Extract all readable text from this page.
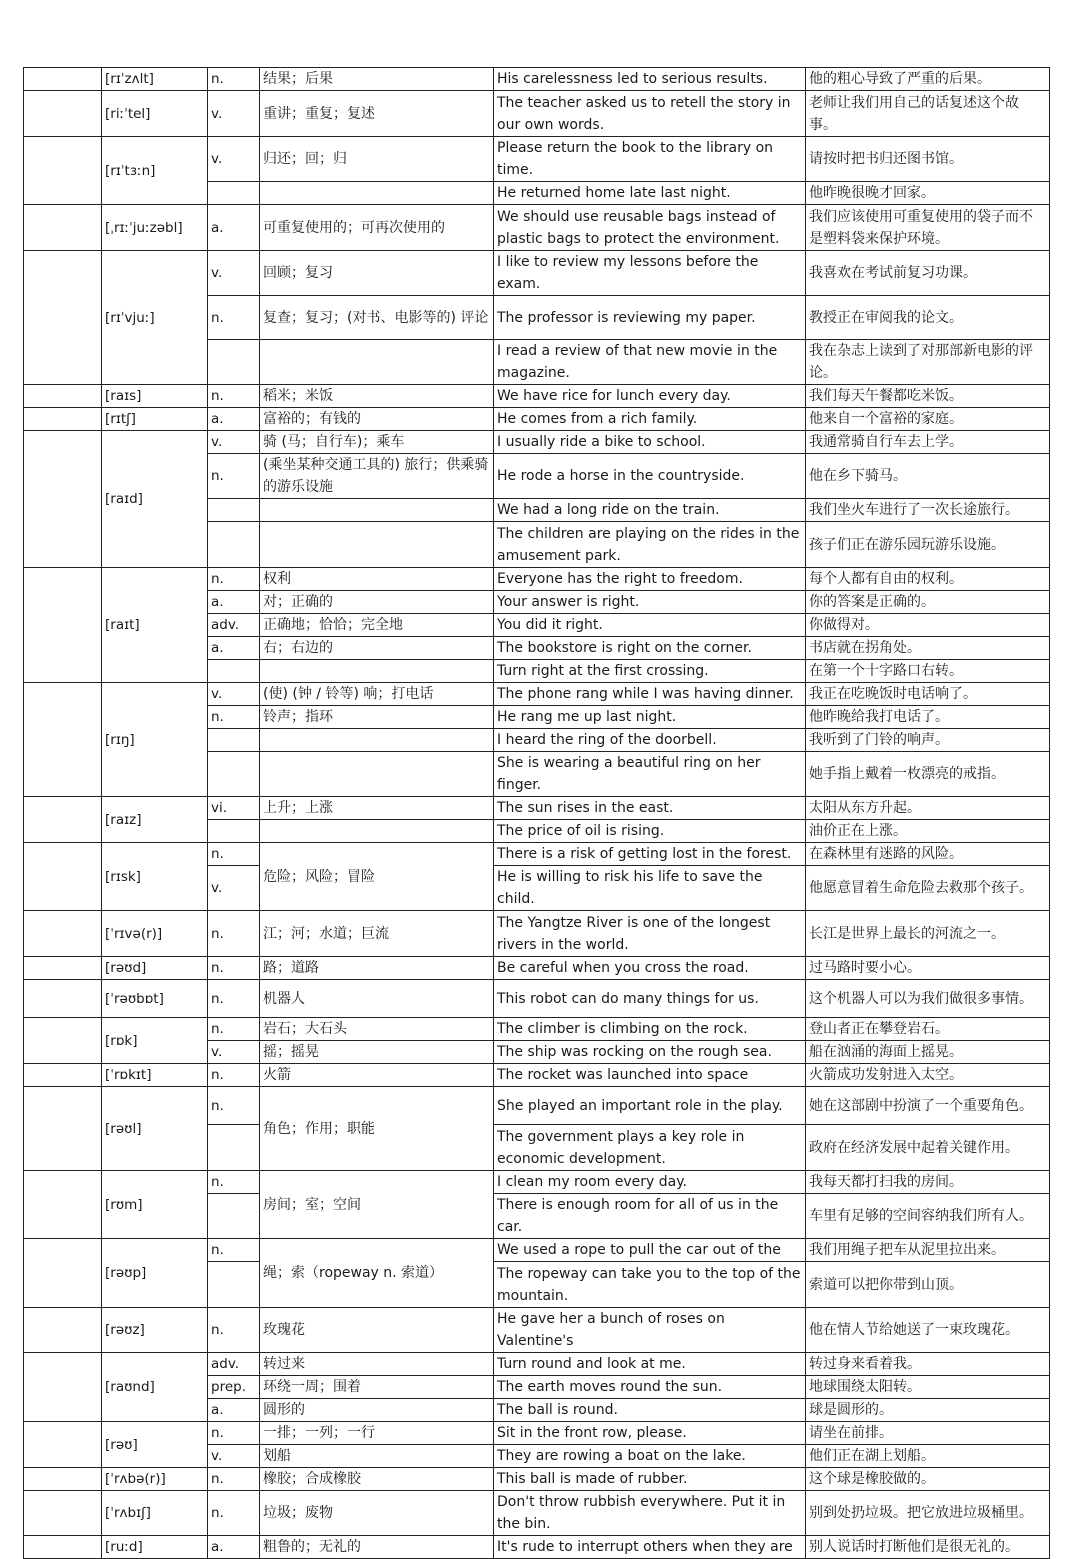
	[rɪˈzʌlt]	n.	结果；后果	His carelessness led to serious results.	他的粗心导致了严重的后果。
	[riːˈtel]	v.	重讲；重复；复述	The teacher asked us to retell the story in our own words.	老师让我们用自己的话复述这个故事。
	[rɪˈtɜːn]	v.	归还；回；归	Please return the book to the library on time.	请按时把书归还图书馆。
				He returned home late last night.	他昨晚很晚才回家。
	[ˌrɪːˈjuːzəbl]	a.	可重复使用的；可再次使用的	We should use reusable bags instead of plastic bags to protect the environment.	我们应该使用可重复使用的袋子而不是塑料袋来保护环境。
	[rɪˈvjuː]	v.	回顾；复习	I like to review my lessons before the exam.	我喜欢在考试前复习功课。
		n.	复查；复习；(对书、电影等的) 评论	The professor is reviewing my paper.	教授正在审阅我的论文。
				I read a review of that new movie in the magazine.	我在杂志上读到了对那部新电影的评论。
	[raɪs]	n.	稻米；米饭	We have rice for lunch every day.	我们每天午餐都吃米饭。
	[rɪtʃ]	a.	富裕的；有钱的	He comes from a rich family.	他来自一个富裕的家庭。
	[raɪd]	v.	骑 (马；自行车)；乘车	I usually ride a bike to school.	我通常骑自行车去上学。
		n.	(乘坐某种交通工具的) 旅行；供乘骑的游乐设施	He rode a horse in the countryside.	他在乡下骑马。
				We had a long ride on the train.	我们坐火车进行了一次长途旅行。
				The children are playing on the rides in the amusement park.	孩子们正在游乐园玩游乐设施。
	[raɪt]	n.	权利	Everyone has the right to freedom.	每个人都有自由的权利。
		a.	对；正确的	Your answer is right.	你的答案是正确的。
		adv.	正确地；恰恰；完全地	You did it right.	你做得对。
		a.	右；右边的	The bookstore is right on the corner.	书店就在拐角处。
				Turn right at the first crossing.	在第一个十字路口右转。
	[rɪŋ]	v.	(使) (钟 / 铃等) 响；打电话	The phone rang while I was having dinner.	我正在吃晚饭时电话响了。
		n.	铃声；指环	He rang me up last night.	他昨晚给我打电话了。
				I heard the ring of the doorbell.	我听到了门铃的响声。
				She is wearing a beautiful ring on her finger.	她手指上戴着一枚漂亮的戒指。
	[raɪz]	vi.	上升；上涨	The sun rises in the east.	太阳从东方升起。
				The price of oil is rising.	油价正在上涨。
	[rɪsk]	n.	危险；风险；冒险	There is a risk of getting lost in the forest.	在森林里有迷路的风险。
		v.		He is willing to risk his life to save the child.	他愿意冒着生命危险去救那个孩子。
	[ˈrɪvə(r)]	n.	江；河；水道；巨流	The Yangtze River is one of the longest rivers in the world.	长江是世界上最长的河流之一。
	[rəʊd]	n.	路；道路	Be careful when you cross the road.	过马路时要小心。
	[ˈrəʊbɒt]	n.	机器人	This robot can do many things for us.	这个机器人可以为我们做很多事情。
	[rɒk]	n.	岩石；大石头	The climber is climbing on the rock.	登山者正在攀登岩石。
		v.	摇；摇晃	The ship was rocking on the rough sea.	船在汹涌的海面上摇晃。
	[ˈrɒkɪt]	n.	火箭	The rocket was launched into space	火箭成功发射进入太空。
	[rəʊl]	n.	角色；作用；职能	She played an important role in the play.	她在这部剧中扮演了一个重要角色。
				The government plays a key role in economic development.	政府在经济发展中起着关键作用。
	[rʊm]	n.	房间；室；空间	I clean my room every day.	我每天都打扫我的房间。
				There is enough room for all of us in the car.	车里有足够的空间容纳我们所有人。
	[rəʊp]	n.	绳；索（ropeway n. 索道）	We used a rope to pull the car out of the	我们用绳子把车从泥里拉出来。
				The ropeway can take you to the top of the mountain.	索道可以把你带到山顶。
	[rəʊz]	n.	玫瑰花	He gave her a bunch of roses on Valentine's	他在情人节给她送了一束玫瑰花。
	[raʊnd]	adv.	转过来	Turn round and look at me.	转过身来看着我。
		prep.	环绕一周；围着	The earth moves round the sun.	地球围绕太阳转。
		a.	圆形的	The ball is round.	球是圆形的。
	[rəʊ]	n.	一排；一列；一行	Sit in the front row, please.	请坐在前排。
		v.	划船	They are rowing a boat on the lake.	他们正在湖上划船。
	[ˈrʌbə(r)]	n.	橡胶；合成橡胶	This ball is made of rubber.	这个球是橡胶做的。
	[ˈrʌbɪʃ]	n.	垃圾；废物	Don't throw rubbish everywhere. Put it in the bin.	别到处扔垃圾。把它放进垃圾桶里。
	[ruːd]	a.	粗鲁的；无礼的	It's rude to interrupt others when they are	别人说话时打断他们是很无礼的。
